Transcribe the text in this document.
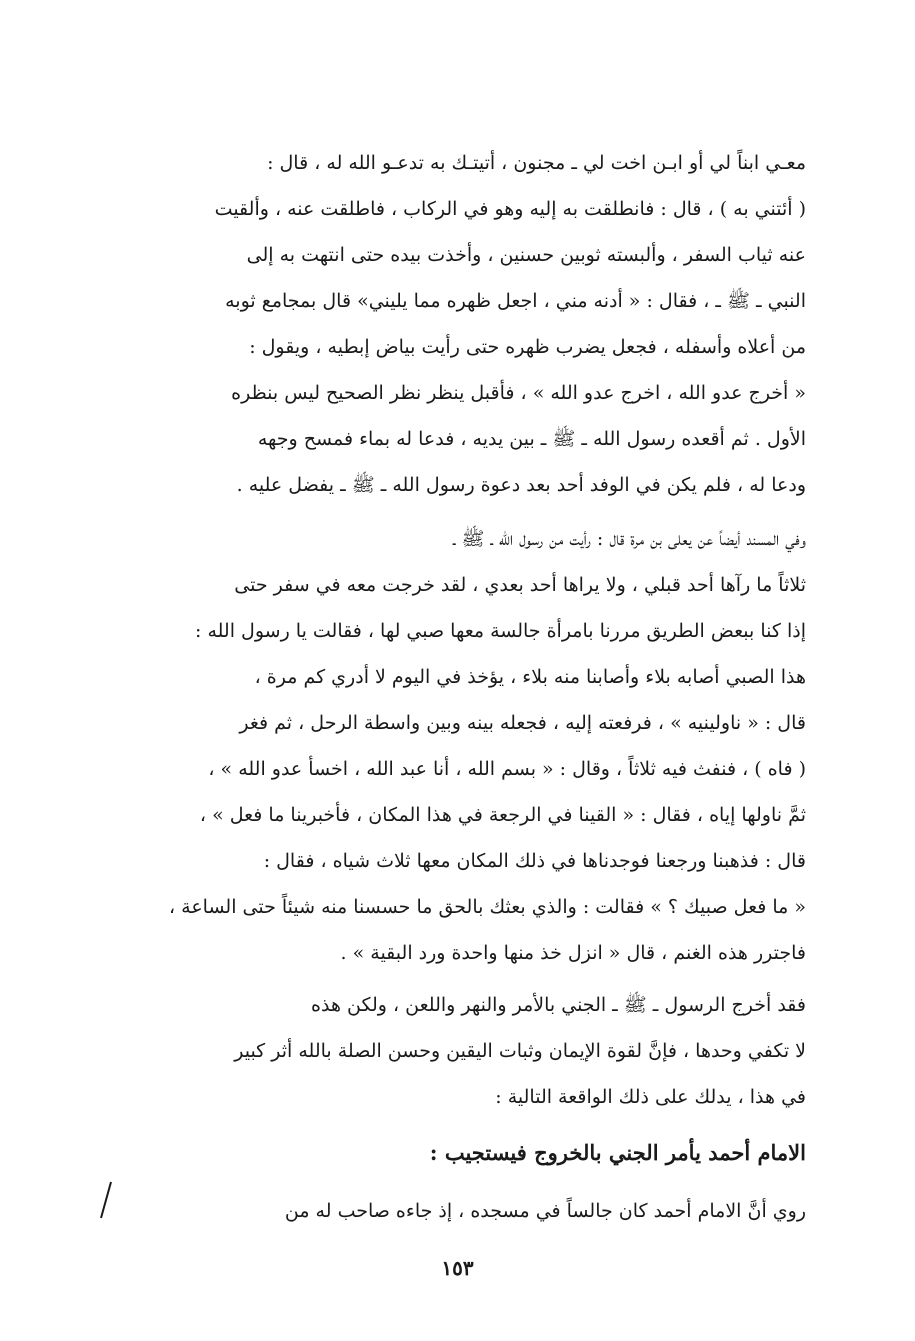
معـي ابناً لي أو ابـن اخت لي ـ مجنون ، أتيتـك به تدعـو الله له ، قال :
( أئتني به ) ، قال : فانطلقت به إليه وهو في الركاب ، فاطلقت عنه ، وألقيت
عنه ثياب السفر ، وألبسته ثوبين حسنين ، وأخذت بيده حتى انتهت به إلى
النبي ـ ﷺ ـ ، فقال : « أدنه مني ، اجعل ظهره مما يليني» قال بمجامع ثوبه
من أعلاه وأسفله ، فجعل يضرب ظهره حتى رأيت بياض إبطيه ، ويقول :
« أخرج عدو الله ، اخرج عدو الله » ، فأقبل ينظر نظر الصحيح ليس بنظره
الأول . ثم أقعده رسول الله ـ ﷺ ـ بين يديه ، فدعا له بماء فمسح وجهه
ودعا له ، فلم يكن في الوفد أحد بعد دعوة رسول الله ـ ﷺ ـ يفضل عليه .
وفي المسند أيضاً عن يعلى بن مرة قال : رأيت من رسول الله ـ ﷺ ـ
ثلاثاً ما رآها أحد قبلي ، ولا يراها أحد بعدي ، لقد خرجت معه في سفر حتى
إذا كنا ببعض الطريق مررنا بامرأة جالسة معها صبي لها ، فقالت يا رسول الله :
هذا الصبي أصابه بلاء وأصابنا منه بلاء ، يؤخذ في اليوم لا أدري كم مرة ،
قال : « ناولينيه » ، فرفعته إليه ، فجعله بينه وبين واسطة الرحل ، ثم فغر
( فاه ) ، فنفث فيه ثلاثاً ، وقال : « بسم الله ، أنا عبد الله ، اخسأ عدو الله » ،
ثمَّ ناولها إياه ، فقال : « القينا في الرجعة في هذا المكان ، فأخبرينا ما فعل » ،
قال : فذهبنا ورجعنا فوجدناها في ذلك المكان معها ثلاث شياه ، فقال :
« ما فعل صبيك ؟ » فقالت : والذي بعثك بالحق ما حسسنا منه شيئاً حتى الساعة ،
فاجترر هذه الغنم ، قال « انزل خذ منها واحدة ورد البقية » .
فقد أخرج الرسول ـ ﷺ ـ الجني بالأمر والنهر واللعن ، ولكن هذه
لا تكفي وحدها ، فإنَّ لقوة الإيمان وثبات اليقين وحسن الصلة بالله أثر كبير
في هذا ، يدلك على ذلك الواقعة التالية :
الامام أحمد يأمر الجني بالخروج فيستجيب :
روي أنَّ الامام أحمد كان جالساً في مسجده ، إذ جاءه صاحب له من
١٥٣
